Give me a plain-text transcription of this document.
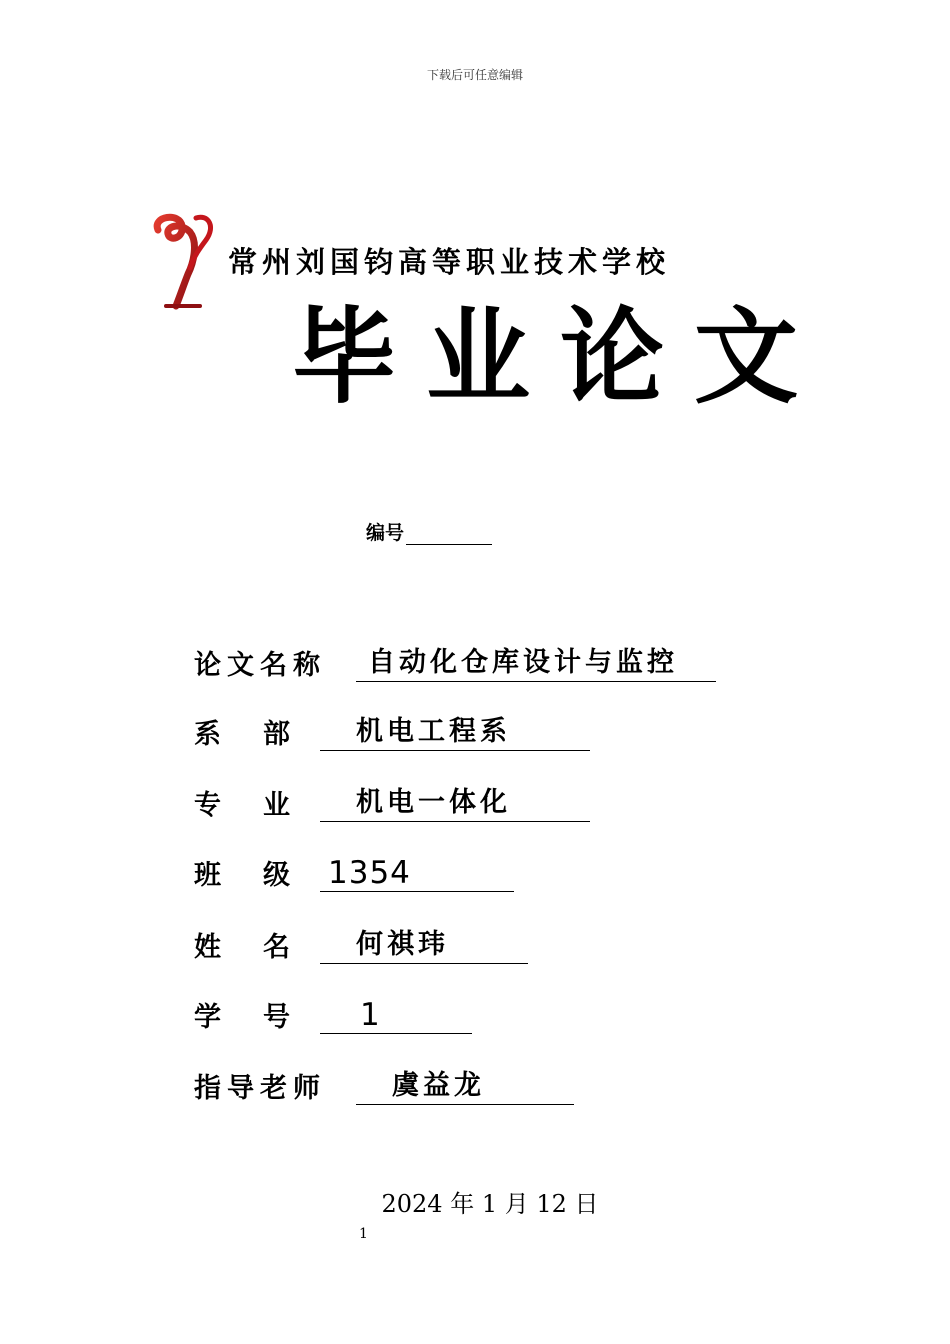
下载后可任意编辑
常州刘国钧高等职业技术学校
毕业论文
编号
论文名称	自动化仓库设计与监控
系部 机电工程系
专业 机电一体化
班级
1354
姓名 何祺玮
学号 1
指导老师	虞益龙
2024 年 1 月 12 日
1
